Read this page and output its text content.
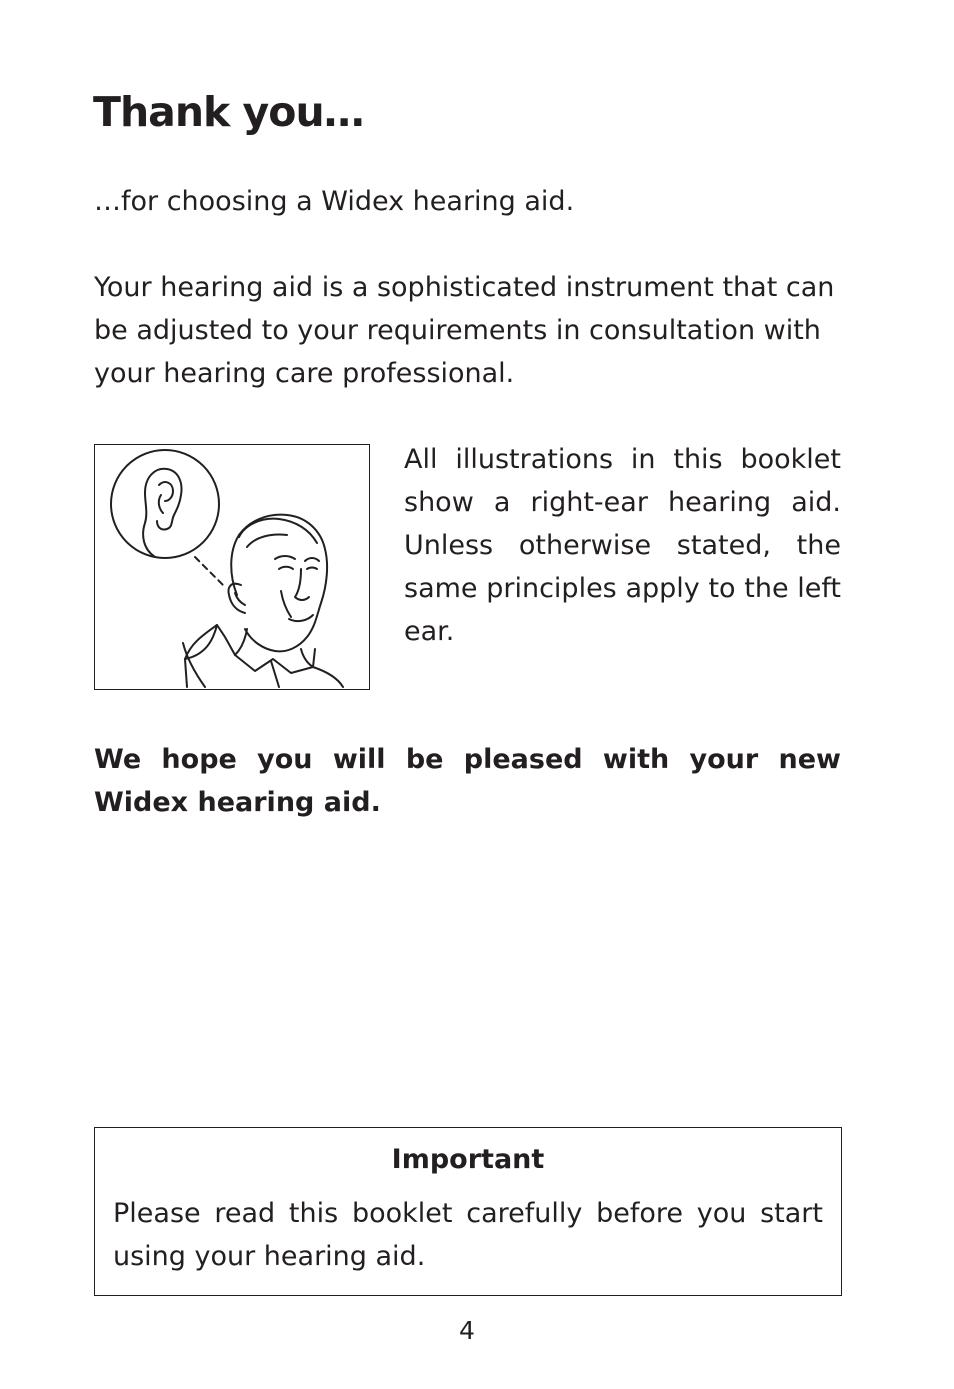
Thank you…

…for choosing a Widex hearing aid.

Your hearing aid is a sophisticated instrument that can be adjusted to your requirements in consultation with your hearing care professional.

All illustrations in this booklet show a right-ear hearing aid. Unless otherwise stated, the same principles apply to the left ear.

We hope you will be pleased with your new Widex hearing aid.

Important

Please read this booklet carefully before you start using your hearing aid.

4
